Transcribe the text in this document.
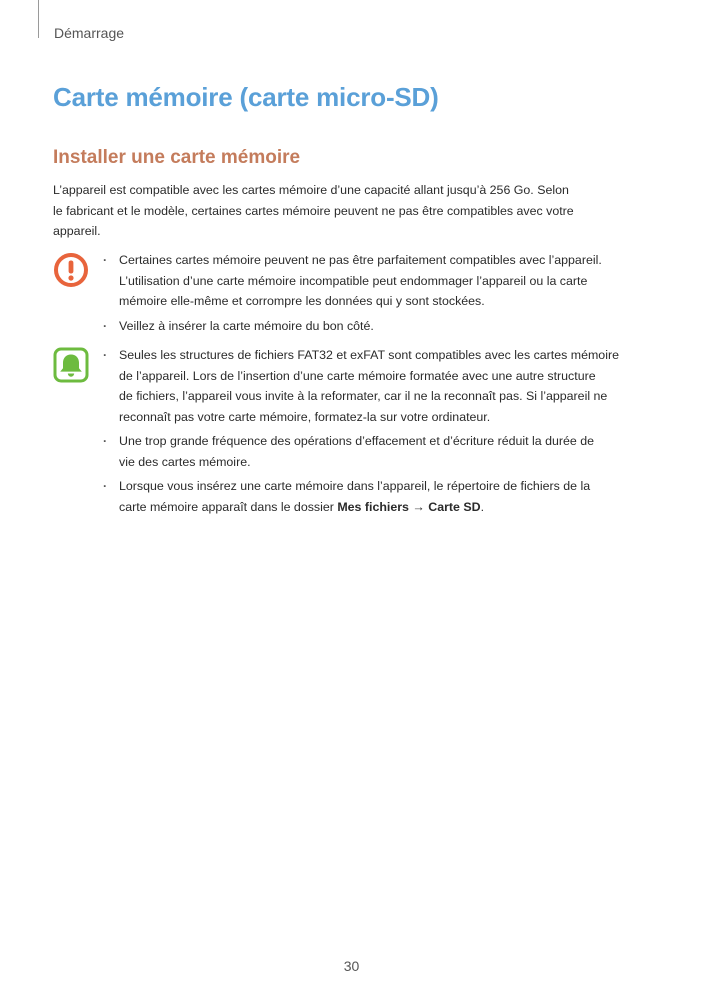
Démarrage
Carte mémoire (carte micro-SD)
Installer une carte mémoire
L’appareil est compatible avec les cartes mémoire d’une capacité allant jusqu’à 256 Go. Selon
le fabricant et le modèle, certaines cartes mémoire peuvent ne pas être compatibles avec votre
appareil.
· Certaines cartes mémoire peuvent ne pas être parfaitement compatibles avec l’appareil.
L’utilisation d’une carte mémoire incompatible peut endommager l’appareil ou la carte
mémoire elle-même et corrompre les données qui y sont stockées.
· Veillez à insérer la carte mémoire du bon côté.
· Seules les structures de fichiers FAT32 et exFAT sont compatibles avec les cartes mémoire
de l’appareil. Lors de l’insertion d’une carte mémoire formatée avec une autre structure
de fichiers, l’appareil vous invite à la reformater, car il ne la reconnaît pas. Si l’appareil ne
reconnaît pas votre carte mémoire, formatez-la sur votre ordinateur.
· Une trop grande fréquence des opérations d’effacement et d’écriture réduit la durée de
vie des cartes mémoire.
· Lorsque vous insérez une carte mémoire dans l’appareil, le répertoire de fichiers de la
carte mémoire apparaît dans le dossier Mes fichiers → Carte SD.
30
